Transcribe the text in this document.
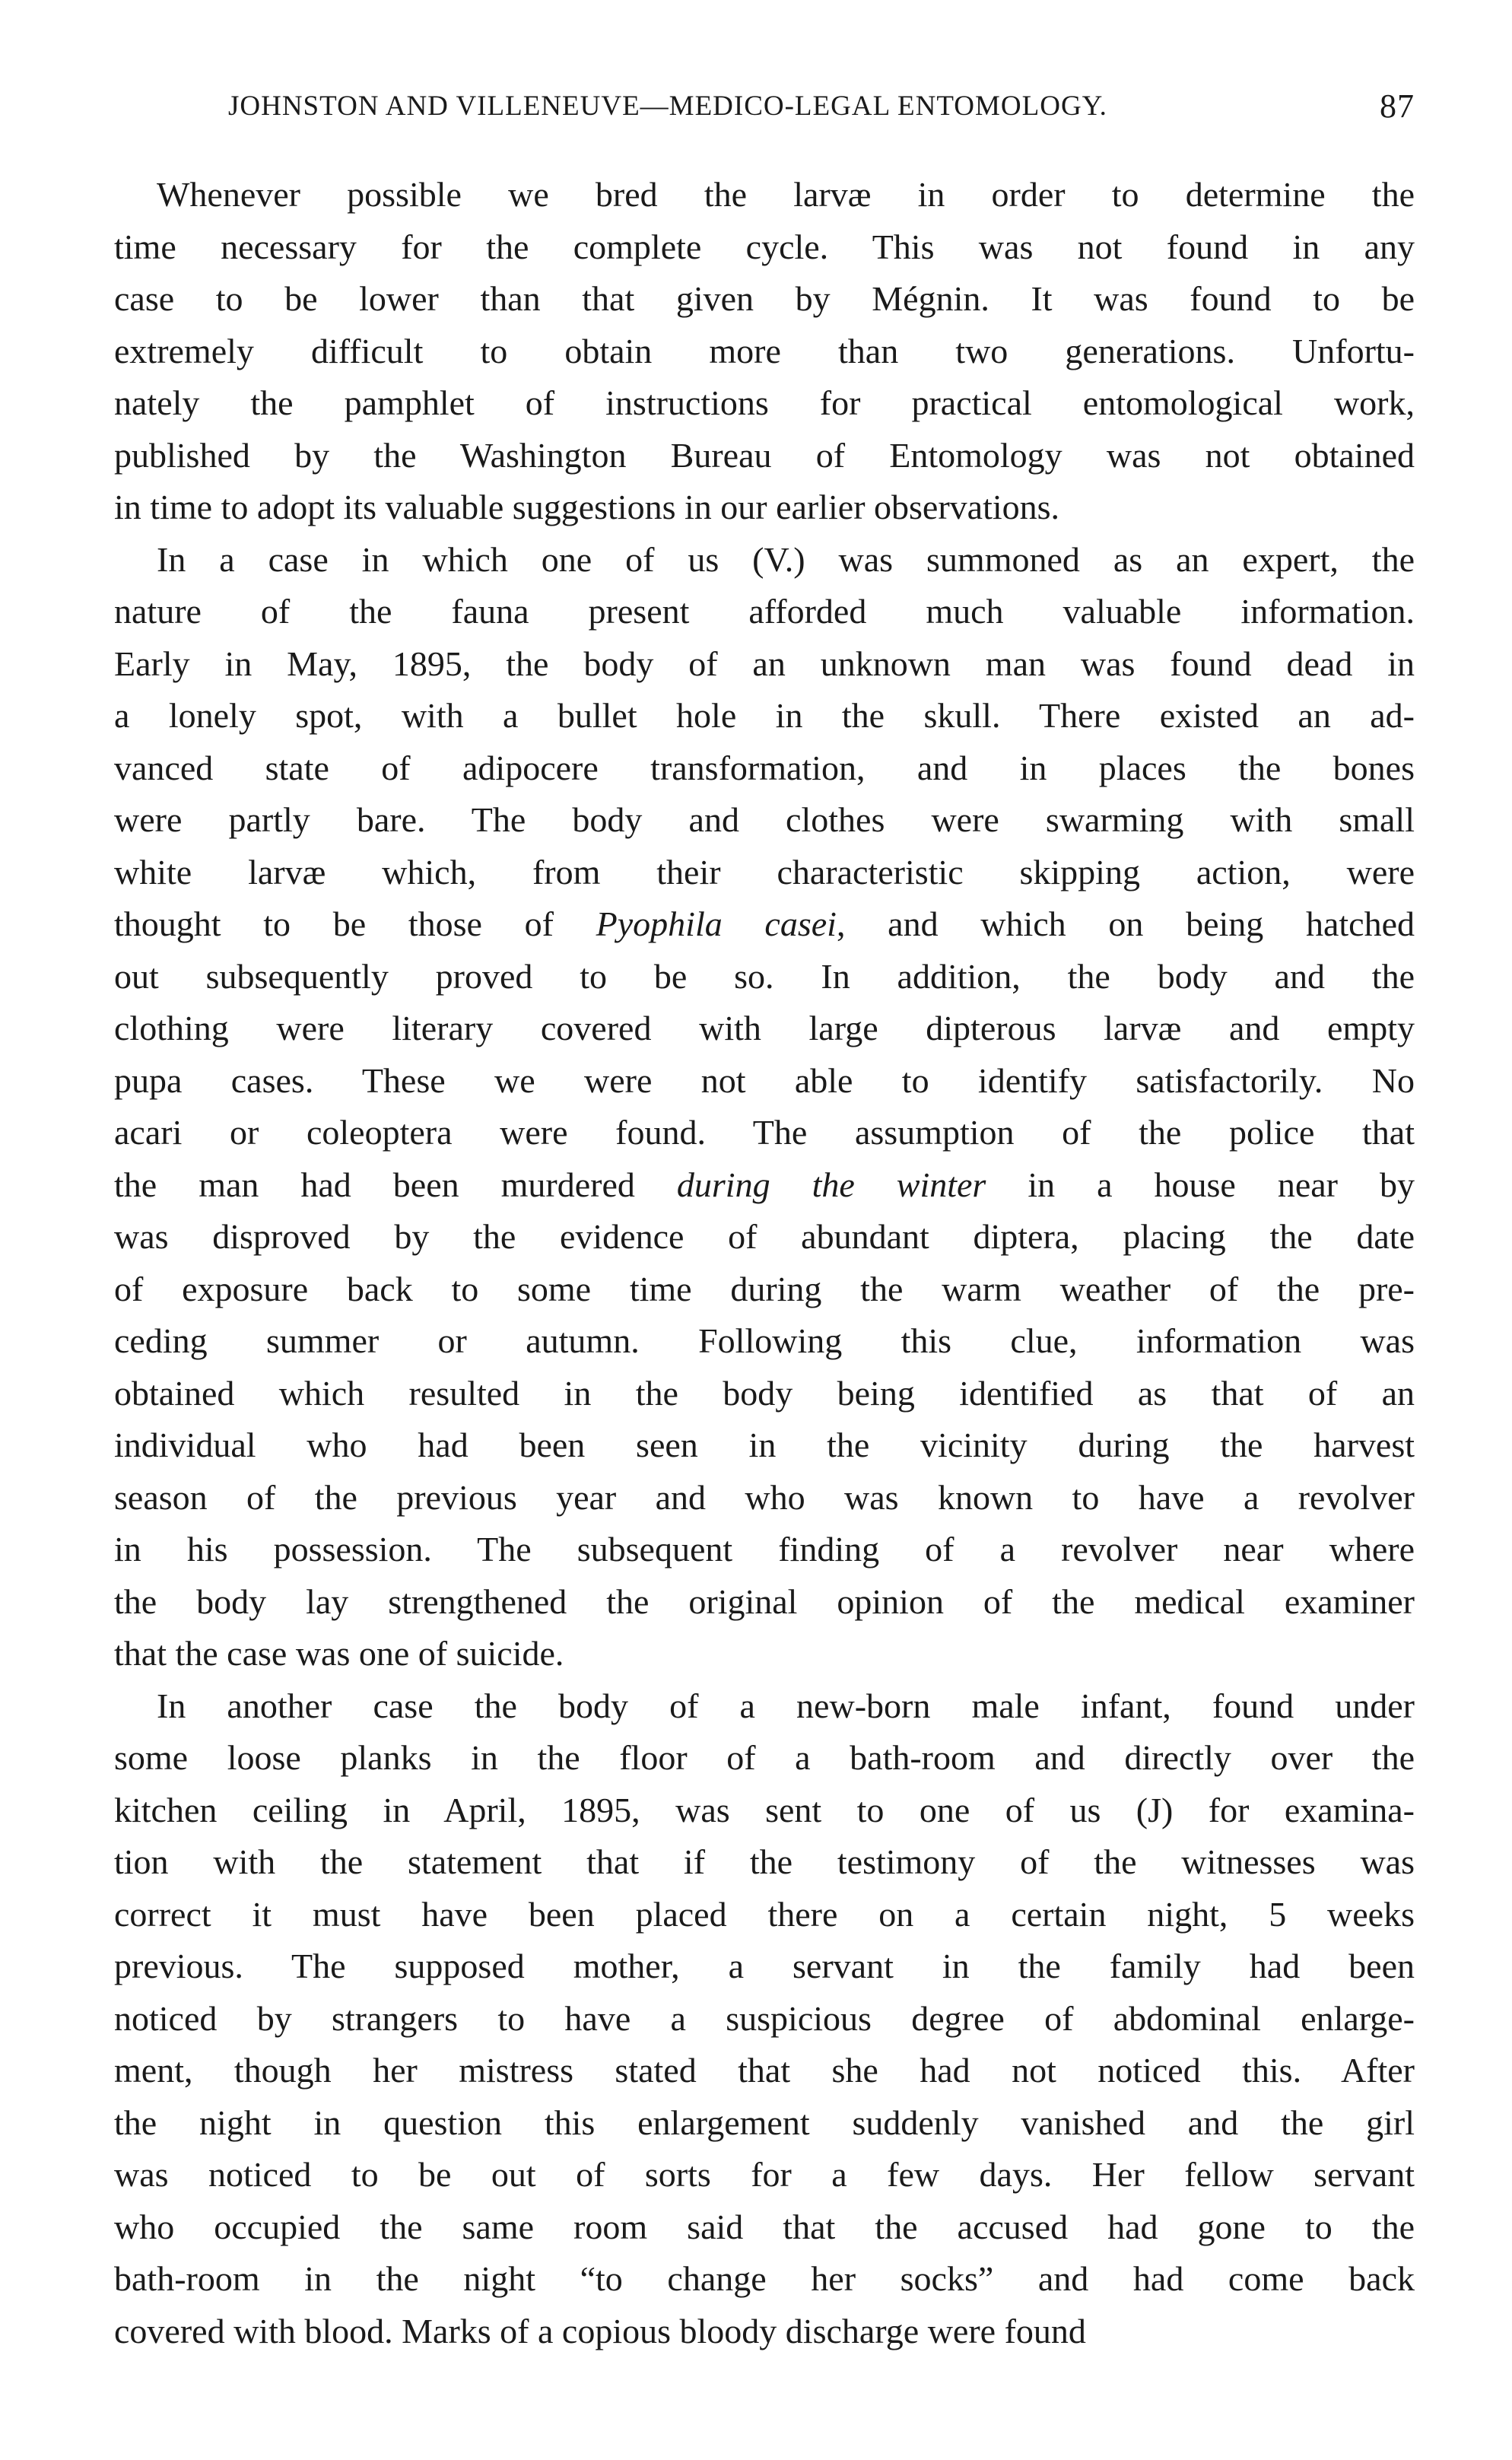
JOHNSTON AND VILLENEUVE—MEDICO-LEGAL ENTOMOLOGY.	87
Whenever possible we bred the larvæ in order to determine the
time necessary for the complete cycle. This was not found in any
case to be lower than that given by Mégnin. It was found to be
extremely difficult to obtain more than two generations. Unfortu-
nately the pamphlet of instructions for practical entomological work,
published by the Washington Bureau of Entomology was not obtained
in time to adopt its valuable suggestions in our earlier observations.
In a case in which one of us (V.) was summoned as an expert, the
nature of the fauna present afforded much valuable information.
Early in May, 1895, the body of an unknown man was found dead in
a lonely spot, with a bullet hole in the skull. There existed an ad-
vanced state of adipocere transformation, and in places the bones
were partly bare. The body and clothes were swarming with small
white larvæ which, from their characteristic skipping action, were
thought to be those of Pyophila casei, and which on being hatched
out subsequently proved to be so. In addition, the body and the
clothing were literary covered with large dipterous larvæ and empty
pupa cases. These we were not able to identify satisfactorily. No
acari or coleoptera were found. The assumption of the police that
the man had been murdered during the winter in a house near by
was disproved by the evidence of abundant diptera, placing the date
of exposure back to some time during the warm weather of the pre-
ceding summer or autumn. Following this clue, information was
obtained which resulted in the body being identified as that of an
individual who had been seen in the vicinity during the harvest
season of the previous year and who was known to have a revolver
in his possession. The subsequent finding of a revolver near where
the body lay strengthened the original opinion of the medical examiner
that the case was one of suicide.
In another case the body of a new-born male infant, found under
some loose planks in the floor of a bath-room and directly over the
kitchen ceiling in April, 1895, was sent to one of us (J) for examina-
tion with the statement that if the testimony of the witnesses was
correct it must have been placed there on a certain night, 5 weeks
previous. The supposed mother, a servant in the family had been
noticed by strangers to have a suspicious degree of abdominal enlarge-
ment, though her mistress stated that she had not noticed this. After
the night in question this enlargement suddenly vanished and the girl
was noticed to be out of sorts for a few days. Her fellow servant
who occupied the same room said that the accused had gone to the
bath-room in the night “to change her socks” and had come back
covered with blood. Marks of a copious bloody discharge were found
